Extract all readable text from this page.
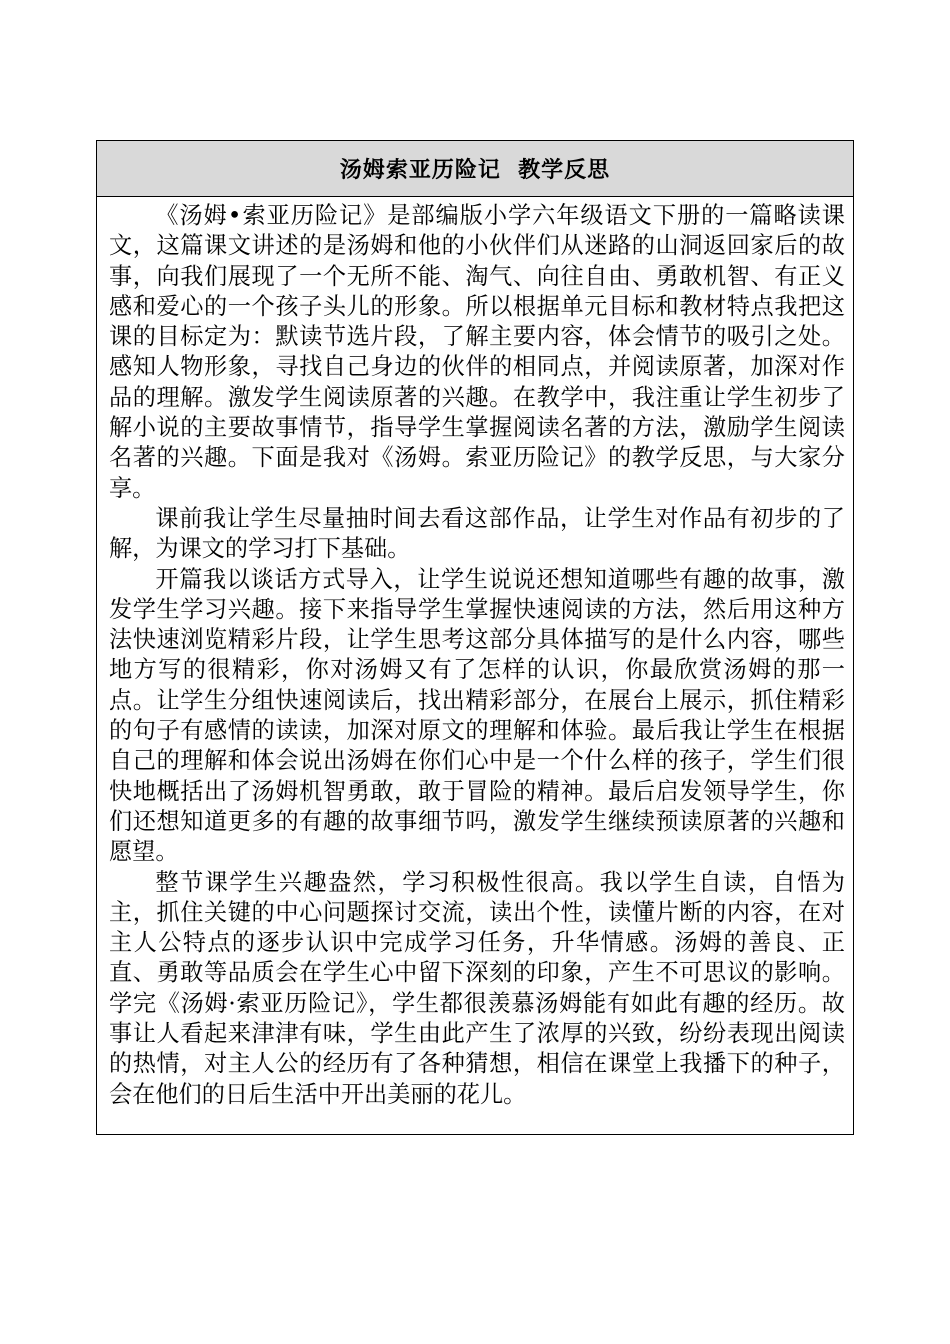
汤姆索亚历险记  教学反思

《汤姆•索亚历险记》是部编版小学六年级语文下册的一篇略读课文，这篇课文讲述的是汤姆和他的小伙伴们从迷路的山洞返回家后的故事，向我们展现了一个无所不能、淘气、向往自由、勇敢机智、有正义感和爱心的一个孩子头儿的形象。所以根据单元目标和教材特点我把这课的目标定为：默读节选片段，了解主要内容，体会情节的吸引之处。感知人物形象，寻找自己身边的伙伴的相同点，并阅读原著，加深对作品的理解。激发学生阅读原著的兴趣。在教学中，我注重让学生初步了解小说的主要故事情节，指导学生掌握阅读名著的方法，激励学生阅读名著的兴趣。下面是我对《汤姆。索亚历险记》的教学反思，与大家分享。

课前我让学生尽量抽时间去看这部作品，让学生对作品有初步的了解，为课文的学习打下基础。

开篇我以谈话方式导入，让学生说说还想知道哪些有趣的故事，激发学生学习兴趣。接下来指导学生掌握快速阅读的方法，然后用这种方法快速浏览精彩片段，让学生思考这部分具体描写的是什么内容，哪些地方写的很精彩，你对汤姆又有了怎样的认识，你最欣赏汤姆的那一点。让学生分组快速阅读后，找出精彩部分，在展台上展示，抓住精彩的句子有感情的读读，加深对原文的理解和体验。最后我让学生在根据自己的理解和体会说出汤姆在你们心中是一个什么样的孩子，学生们很快地概括出了汤姆机智勇敢，敢于冒险的精神。最后启发领导学生，你们还想知道更多的有趣的故事细节吗，激发学生继续预读原著的兴趣和愿望。

整节课学生兴趣盎然，学习积极性很高。我以学生自读，自悟为主，抓住关键的中心问题探讨交流，读出个性，读懂片断的内容，在对主人公特点的逐步认识中完成学习任务，升华情感。汤姆的善良、正直、勇敢等品质会在学生心中留下深刻的印象，产生不可思议的影响。学完《汤姆·索亚历险记》，学生都很羡慕汤姆能有如此有趣的经历。故事让人看起来津津有味，学生由此产生了浓厚的兴致，纷纷表现出阅读的热情，对主人公的经历有了各种猜想，相信在课堂上我播下的种子，会在他们的日后生活中开出美丽的花儿。
